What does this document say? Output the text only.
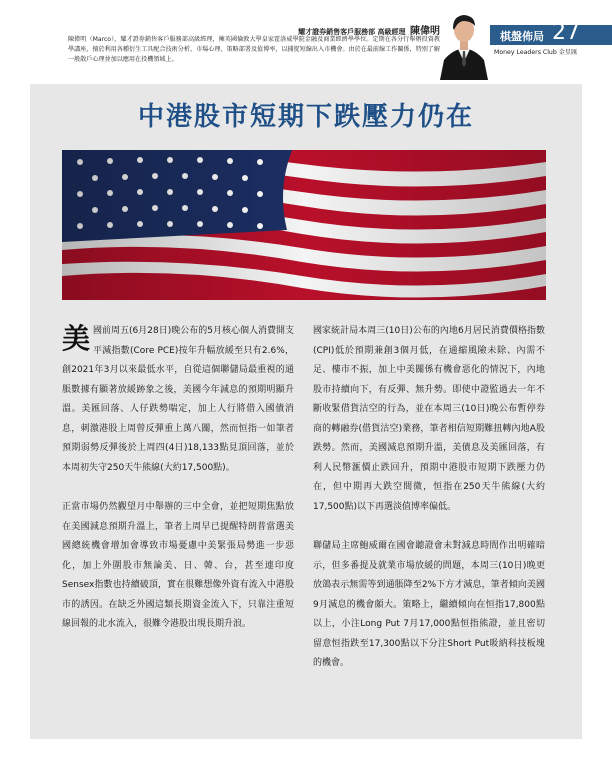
耀才證券銷售客戶服務部 高級經理 陳偉明
陳偉明（Marco），耀才證券銷售客戶服務部高級經理，擁英國倫敦大學皇家霍洛威學院金融及商業經濟學學位。定期在各分行舉辦投資教學講座，擅於利用各種衍生工具配合技術分析、市場心理、策略部署及值博率，以捕捉短線出入市機會。由於在最前線工作關係，特別了解一般散戶心理並加以應用在投機領域上。
棋盤佈局 27
Money Leaders Club 金星匯
中港股市短期下跌壓力仍在

美 國前周五(6月28日)晚公布的5月核心個人消費開支平減指數(Core PCE)按年升幅放緩至只有2.6%，創2021年3月以來最低水平，自從這個聯儲局最重視的通脹數據有顯著放緩跡象之後，美國今年減息的預期明顯升溫。美匯回落、人仔跌勢喘定，加上人行將借入國債消息，刺激港股上周曾反彈重上萬八關，然而恒指一如筆者預期弱勢反彈後於上周四(4日)18,133點見頂回落，並於本周初失守250天牛熊線(大約17,500點)。

正當市場仍然觀望月中舉辦的三中全會，並把短期焦點放在美國減息預期升溫上，筆者上周早已提醒特朗普當選美國總統機會增加會導致市場憂慮中美緊張局勢進一步惡化，加上外圍股市無論美、日、韓、台，甚至連印度Sensex指數也持續破頂，實在很難想像外資有流入中港股市的誘因。在缺乏外國這類長期資金流入下，只靠注重短線回報的北水流入，很難令港股出現長期升浪。

國家統計局本周三(10日)公布的內地6月居民消費價格指數(CPI)低於預期兼創3個月低，在通縮風險未除、內需不足、樓市不振，加上中美關係有機會惡化的情況下，內地股市持續向下，有反彈、無升勢。即使中證監過去一年不斷收緊借貨沽空的行為，並在本周三(10日)晚公布暫停券商的轉融券(借貨沽空)業務，筆者相信短期難扭轉內地A股跌勢。然而，美國減息預期升溫，美債息及美匯回落，有利人民幣滙價止跌回升，預期中港股市短期下跌壓力仍在，但中期再大跌空間微，恒指在250天牛熊線(大約17,500點)以下再選淡值博率偏低。

聯儲局主席鮑威爾在國會聽證會未對減息時間作出明確暗示，但多番提及就業市場放緩的問題，本周三(10日)晚更放鴿表示無需等到通脹降至2%下方才減息，筆者傾向美國9月減息的機會頗大。策略上，繼續傾向在恒指17,800點以上，小注Long Put 7月17,000點恒指熊證，並且密切留意恒指跌至17,300點以下分注Short Put吸納科技板塊的機會。
